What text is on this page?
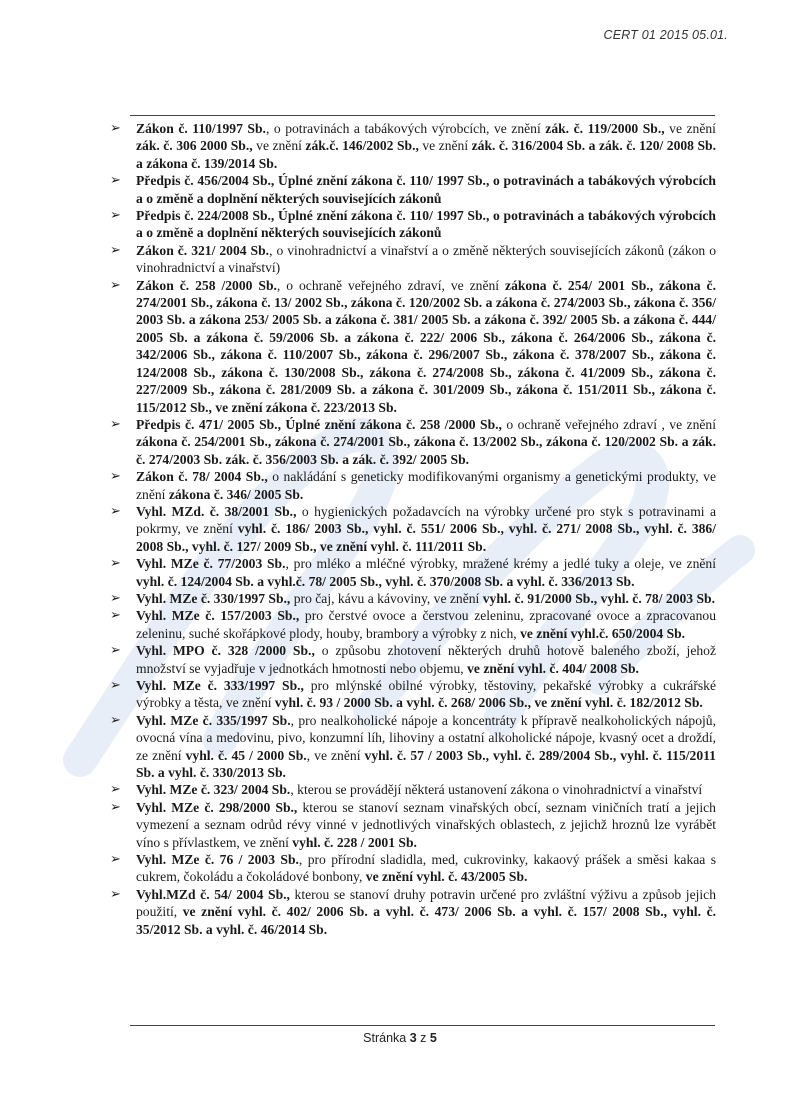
CERT 01 2015 05.01.
➢ Zákon č. 110/1997 Sb., o potravinách a tabákových výrobcích, ve znění zák. č. 119/2000 Sb., ve znění zák. č. 306 2000 Sb., ve znění zák.č. 146/2002 Sb., ve znění zák. č. 316/2004 Sb. a zák. č. 120/ 2008 Sb. a zákona č. 139/2014 Sb.
➢ Předpis č. 456/2004 Sb., Úplné znění zákona č. 110/ 1997 Sb., o potravinách a tabákových výrobcích a o změně a doplnění některých souvisejících zákonů
➢ Předpis č. 224/2008 Sb., Úplné znění zákona č. 110/ 1997 Sb., o potravinách a tabákových výrobcích a o změně a doplnění některých souvisejících zákonů
➢ Zákon č. 321/ 2004 Sb., o vinohradnictví a vinařství a o změně některých souvisejících zákonů (zákon o vinohradnictví a vinařství)
➢ Zákon č. 258 /2000 Sb., o ochraně veřejného zdraví, ve znění zákona č. 254/ 2001 Sb., zákona č. 274/2001 Sb., zákona č. 13/ 2002 Sb., zákona č. 120/2002 Sb. a zákona č. 274/2003 Sb., zákona č. 356/ 2003 Sb. a zákona 253/ 2005 Sb. a zákona č. 381/ 2005 Sb. a zákona č. 392/ 2005 Sb. a zákona č. 444/ 2005 Sb. a zákona č. 59/2006 Sb. a zákona č. 222/ 2006 Sb., zákona č. 264/2006 Sb., zákona č. 342/2006 Sb., zákona č. 110/2007 Sb., zákona č. 296/2007 Sb., zákona č. 378/2007 Sb., zákona č. 124/2008 Sb., zákona č. 130/2008 Sb., zákona č. 274/2008 Sb., zákona č. 41/2009 Sb., zákona č. 227/2009 Sb., zákona č. 281/2009 Sb. a zákona č. 301/2009 Sb., zákona č. 151/2011 Sb., zákona č. 115/2012 Sb., ve znění zákona č. 223/2013 Sb.
➢ Předpis č. 471/ 2005 Sb., Úplné znění zákona č. 258 /2000 Sb., o ochraně veřejného zdraví , ve znění zákona č. 254/2001 Sb., zákona č. 274/2001 Sb., zákona č. 13/2002 Sb., zákona č. 120/2002 Sb. a zák. č. 274/2003 Sb. zák. č. 356/2003 Sb. a zák. č. 392/ 2005 Sb.
➢ Zákon č. 78/ 2004 Sb., o nakládání s geneticky modifikovanými organismy a genetickými produkty, ve znění zákona č. 346/ 2005 Sb.
➢ Vyhl. MZd. č. 38/2001 Sb., o hygienických požadavcích na výrobky určené pro styk s potravinami a pokrmy, ve znění vyhl. č. 186/ 2003 Sb., vyhl. č. 551/ 2006 Sb., vyhl. č. 271/ 2008 Sb., vyhl. č. 386/ 2008 Sb., vyhl. č. 127/ 2009 Sb., ve znění vyhl. č. 111/2011 Sb.
➢ Vyhl. MZe č. 77/2003 Sb., pro mléko a mléčné výrobky, mražené krémy a jedlé tuky a oleje, ve znění vyhl. č. 124/2004 Sb. a vyhl.č. 78/ 2005 Sb., vyhl. č. 370/2008 Sb. a vyhl. č. 336/2013 Sb.
➢ Vyhl. MZe č. 330/1997 Sb., pro čaj, kávu a kávoviny, ve znění vyhl. č. 91/2000 Sb., vyhl. č. 78/ 2003 Sb.
➢ Vyhl. MZe č. 157/2003 Sb., pro čerstvé ovoce a čerstvou zeleninu, zpracované ovoce a zpracovanou zeleninu, suché skořápkové plody, houby, brambory a výrobky z nich, ve znění vyhl.č. 650/2004 Sb.
➢ Vyhl. MPO č. 328 /2000 Sb., o způsobu zhotovení některých druhů hotově baleného zboží, jehož množství se vyjadřuje v jednotkách hmotnosti nebo objemu, ve znění vyhl. č. 404/ 2008 Sb.
➢ Vyhl. MZe č. 333/1997 Sb., pro mlýnské obilné výrobky, těstoviny, pekařské výrobky a cukrářské výrobky a těsta, ve znění vyhl. č. 93 / 2000 Sb. a vyhl. č. 268/ 2006 Sb., ve znění vyhl. č. 182/2012 Sb.
➢ Vyhl. MZe č. 335/1997 Sb., pro nealkoholické nápoje a koncentráty k přípravě nealkoholických nápojů, ovocná vína a medovinu, pivo, konzumní líh, lihoviny a ostatní alkoholické nápoje, kvasný ocet a droždí, ze znění vyhl. č. 45 / 2000 Sb., ve znění vyhl. č. 57 / 2003 Sb., vyhl. č. 289/2004 Sb., vyhl. č. 115/2011 Sb. a vyhl. č. 330/2013 Sb.
➢ Vyhl. MZe č. 323/ 2004 Sb., kterou se provádějí některá ustanovení zákona o vinohradnictví a vinařství
➢ Vyhl. MZe č. 298/2000 Sb., kterou se stanoví seznam vinařských obcí, seznam viničních tratí a jejich vymezení a seznam odrůd révy vinné v jednotlivých vinařských oblastech, z jejichž hroznů lze vyrábět víno s přívlastkem, ve znění vyhl. č. 228 / 2001 Sb.
➢ Vyhl. MZe č. 76 / 2003 Sb., pro přírodní sladidla, med, cukrovinky, kakaový prášek a směsi kakaa s cukrem, čokoládu a čokoládové bonbony, ve znění vyhl. č. 43/2005 Sb.
➢ Vyhl.MZd č. 54/ 2004 Sb., kterou se stanoví druhy potravin určené pro zvláštní výživu a způsob jejich použití, ve znění vyhl. č. 402/ 2006 Sb. a vyhl. č. 473/ 2006 Sb. a vyhl. č. 157/ 2008 Sb., vyhl. č. 35/2012 Sb. a vyhl. č. 46/2014 Sb.
Stránka 3 z 5
